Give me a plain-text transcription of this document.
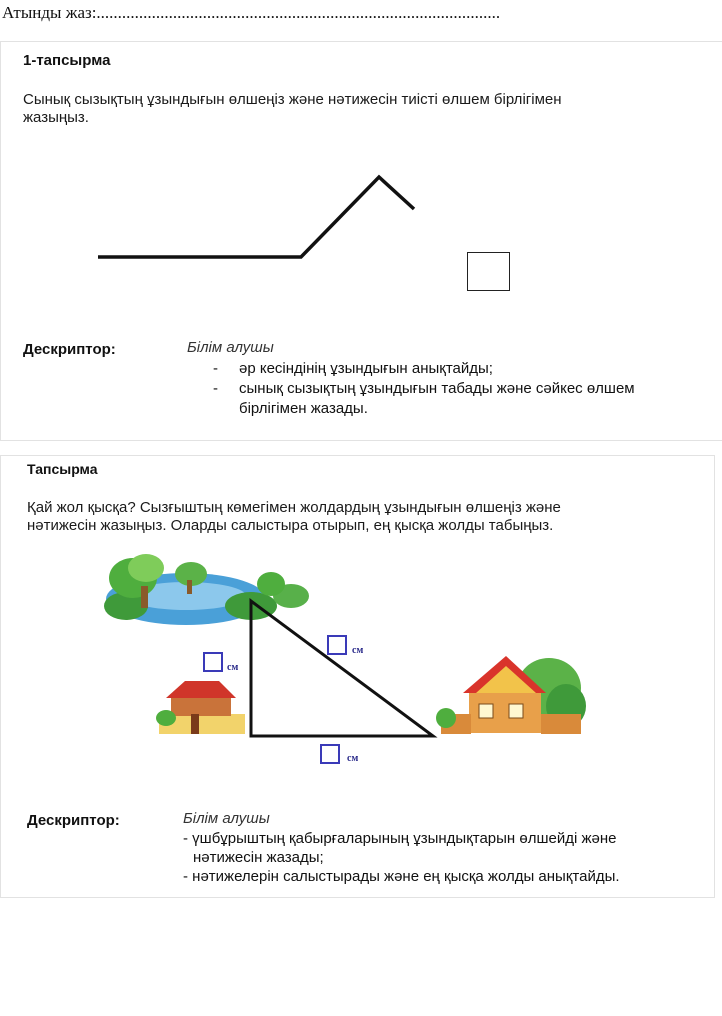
Атынды жаз:...............................................................................................
1-тапсырма
Сынық сызықтың ұзындығын өлшеңіз және нәтижесін тиісті өлшем бірлігімен
жазыңыз.
Дескриптор:	Білім алушы
- әр кесіндінің ұзындығын анықтайды;
- сынық сызықтың ұзындығын табады және сәйкес өлшем
бірлігімен жазады.
Тапсырма
Қай жол қысқа? Сызғыштың көмегімен жолдардың ұзындығын өлшеңіз және
нәтижесін жазыңыз. Оларды салыстыра отырып, ең қысқа жолды табыңыз.
см
см
см
Дескриптор:	Білім алушы
- үшбұрыштың қабырғаларының ұзындықтарын өлшейді және
нәтижесін жазады;
- нәтижелерін салыстырады және ең қысқа жолды анықтайды.
